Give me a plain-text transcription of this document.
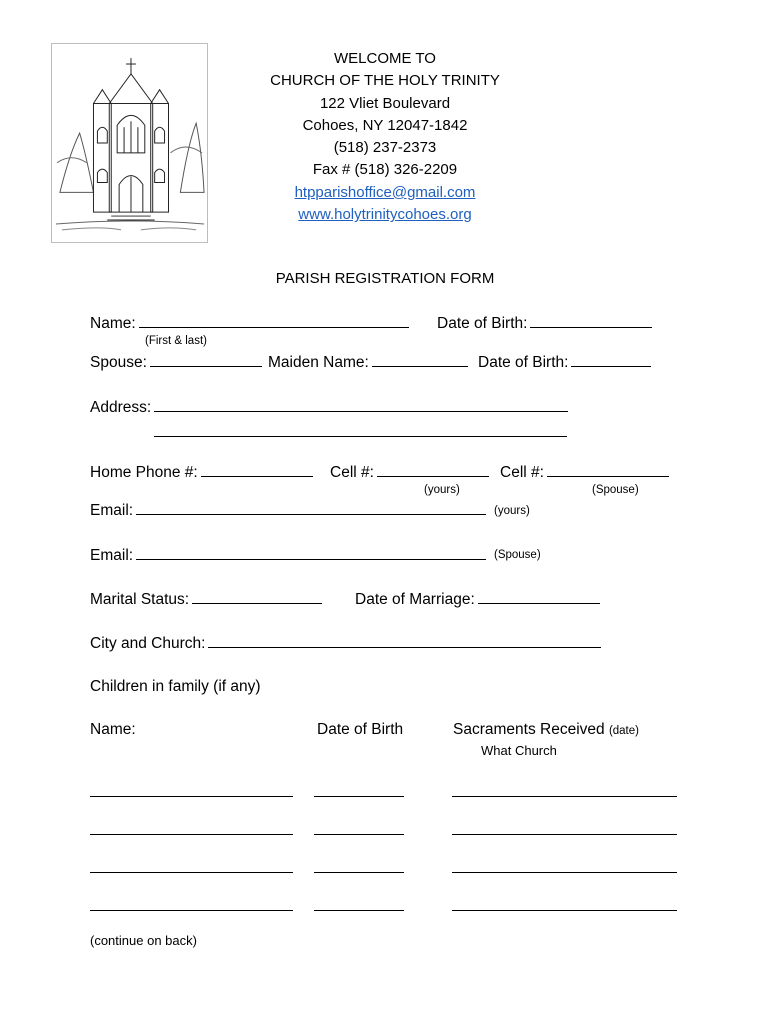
WELCOME TO
CHURCH OF THE HOLY TRINITY
122 Vliet Boulevard
Cohoes, NY 12047-1842
(518) 237-2373
Fax # (518) 326-2209
htpparishoffice@gmail.com
www.holytrinitycohoes.org
PARISH REGISTRATION FORM
Name:	Date of Birth:
(First & last)
Spouse:	Maiden Name:	Date of Birth:
Address:
Home Phone #:	Cell #:	Cell #:
(yours)	(Spouse)
Email:	(yours)
Email:	(Spouse)
Marital Status:	Date of Marriage:
City and Church:
Children in family (if any)
Name:	Date of Birth	Sacraments Received (date)
What Church
(continue on back)
